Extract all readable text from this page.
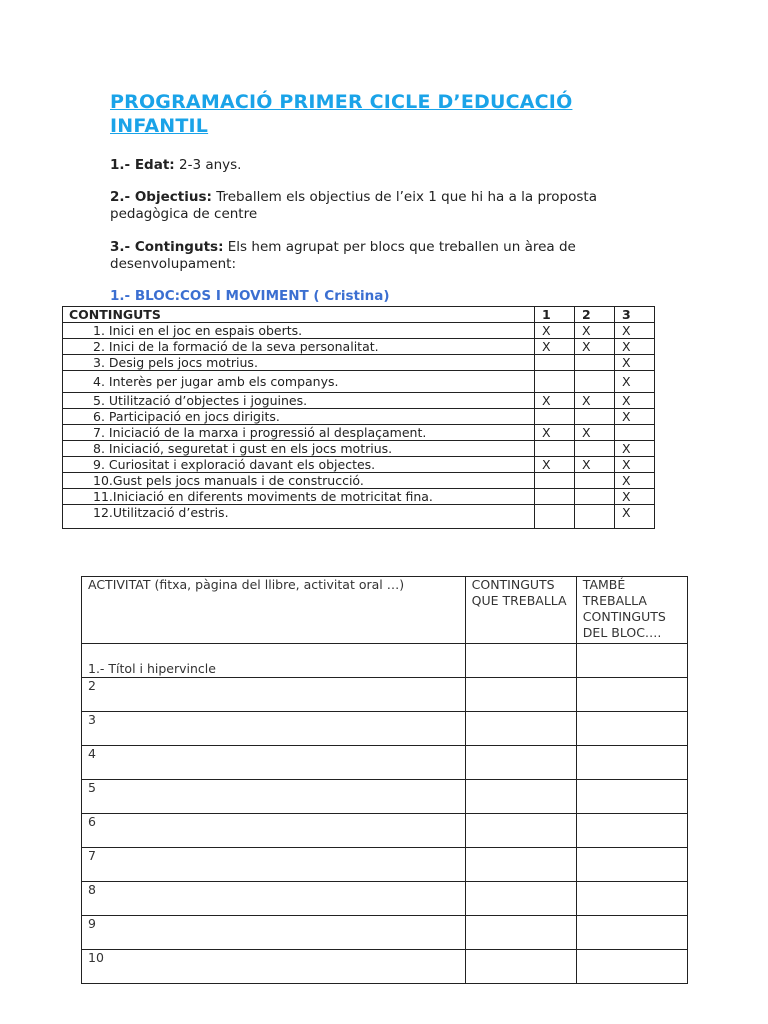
PROGRAMACIÓ PRIMER CICLE D’EDUCACIÓ INFANTIL
1.- Edat: 2-3 anys.
2.- Objectius: Treballem els objectius de l’eix 1 que hi ha a la proposta pedagògica de centre
3.- Continguts: Els hem agrupat per blocs que treballen un àrea de desenvolupament:
1.- BLOC:COS I MOVIMENT ( Cristina)
CONTINGUTS	1	2	3
1. Inici en el joc en espais oberts.	X	X	X
2. Inici de la formació de la seva personalitat.	X	X	X
3. Desig pels jocs motrius.			X
4. Interès per jugar amb els companys.			X
5. Utilització d’objectes i joguines.	X	X	X
6. Participació en jocs dirigits.			X
7. Iniciació de la marxa i progressió al desplaçament.	X	X	
8. Iniciació, seguretat i gust en els jocs motrius.			X
9. Curiositat i exploració davant els objectes.	X	X	X
10.Gust pels jocs manuals i de construcció.			X
11.Iniciació en diferents moviments de motricitat fina.			X
12.Utilització d’estris.			X
ACTIVITAT (fitxa, pàgina del llibre, activitat oral …)	CONTINGUTS QUE TREBALLA	TAMBÉ TREBALLA CONTINGUTS DEL BLOC….
1.- Títol i hipervincle		
2		
3		
4		
5		
6		
7		
8		
9		
10		
